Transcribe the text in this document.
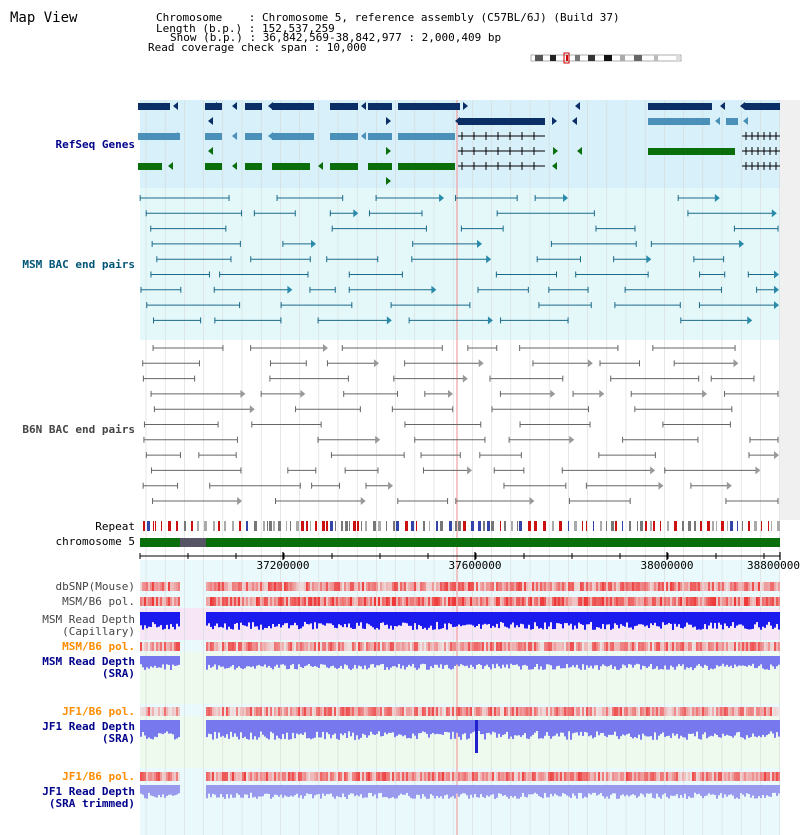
37200000	37600000	38000000	38800000
Map View	Chromosome    : Chromosome 5, reference assembly (C57BL/6J) (Build 37)
Length (b.p.) : 152,537,259
Show (b.p.) : 36,842,569-38,842,977 : 2,000,409 bp
Read coverage check span : 10,000
RefSeq Genes
MSM BAC end pairs
B6N BAC end pairs
Repeat
chromosome 5
dbSNP(Mouse)
MSM/B6 pol.
MSM Read Depth
(Capillary)
MSM/B6 pol.
MSM Read Depth
(SRA)
JF1/B6 pol.
JF1 Read Depth
(SRA)
JF1/B6 pol.
JF1 Read Depth
(SRA trimmed)
